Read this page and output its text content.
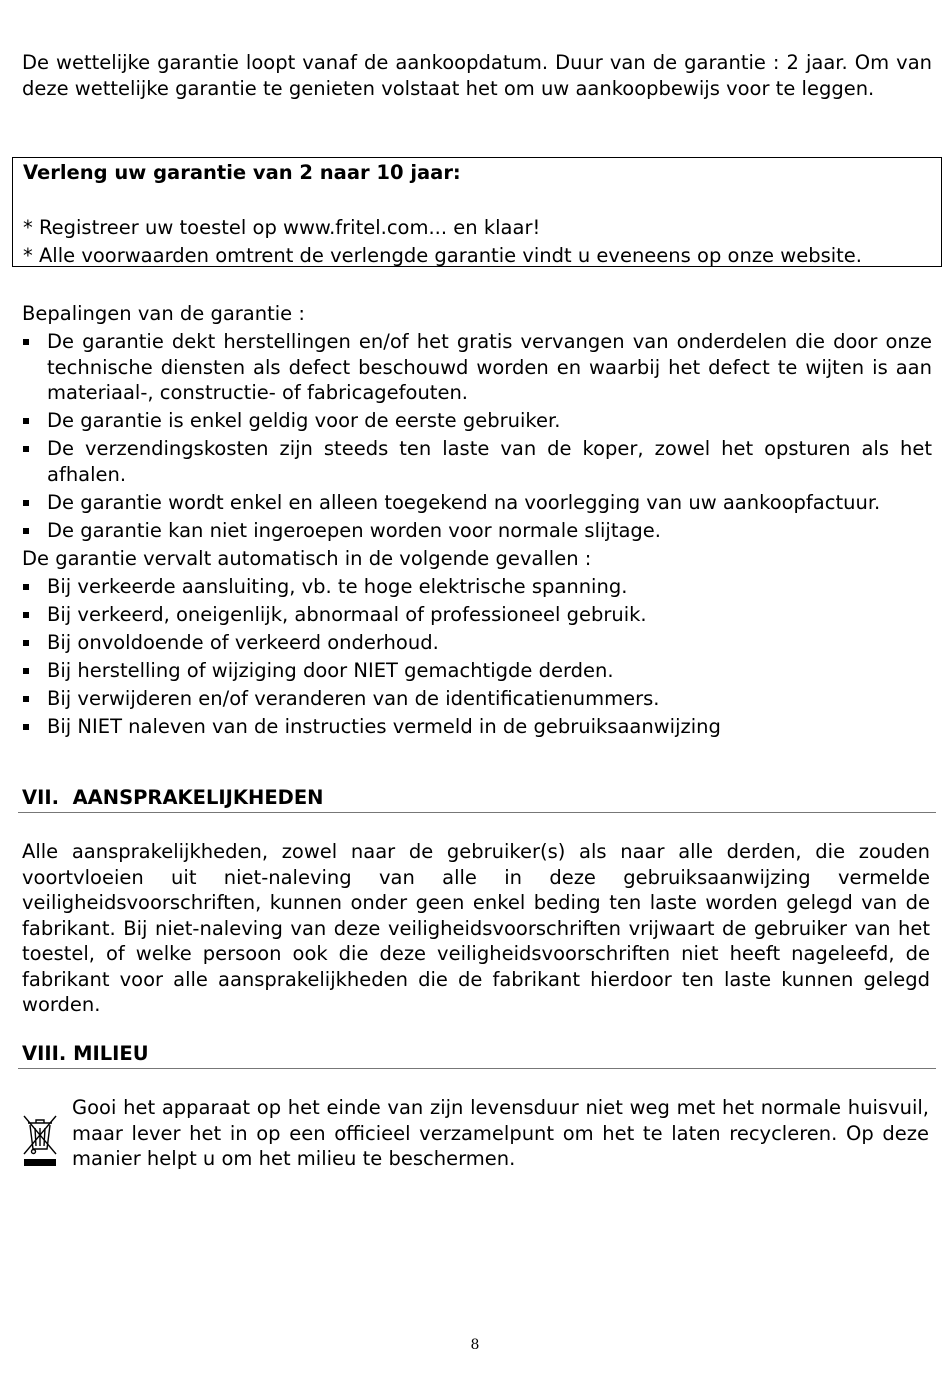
De wettelijke garantie loopt vanaf de aankoopdatum. Duur van de garantie : 2 jaar. Om van deze wettelijke garantie te genieten volstaat het om uw aankoopbewijs voor te leggen.

Verleng uw garantie van 2 naar 10 jaar:
* Registreer uw toestel op www.fritel.com... en klaar!
* Alle voorwaarden omtrent de verlengde garantie vindt u eveneens op onze website.

Bepalingen van de garantie :

De garantie dekt herstellingen en/of het gratis vervangen van onderdelen die door onze technische diensten als defect beschouwd worden en waarbij het defect te wijten is aan materiaal-, constructie- of fabricagefouten.
De garantie is enkel geldig voor de eerste gebruiker.
De verzendingskosten zijn steeds ten laste van de koper, zowel het opsturen als het afhalen.
De garantie wordt enkel en alleen toegekend na voorlegging van uw aankoopfactuur.
De garantie kan niet ingeroepen worden voor normale slijtage.

De garantie vervalt automatisch in de volgende gevallen :

Bij verkeerde aansluiting, vb. te hoge elektrische spanning.
Bij verkeerd, oneigenlijk, abnormaal of professioneel gebruik.
Bij onvoldoende of verkeerd onderhoud.
Bij herstelling of wijziging door NIET gemachtigde derden.
Bij verwijderen en/of veranderen van de identificatienummers.
Bij NIET naleven van de instructies vermeld in de gebruiksaanwijzing
VII. AANSPRAKELIJKHEDEN

Alle aansprakelijkheden, zowel naar de gebruiker(s) als naar alle derden, die zouden voortvloeien uit niet-naleving van alle in deze gebruiksaanwijzing vermelde veiligheidsvoorschriften, kunnen onder geen enkel beding ten laste worden gelegd van de fabrikant. Bij niet-naleving van deze veiligheidsvoorschriften vrijwaart de gebruiker van het toestel, of welke persoon ook die deze veiligheidsvoorschriften niet heeft nageleefd, de fabrikant voor alle aansprakelijkheden die de fabrikant hierdoor ten laste kunnen gelegd worden.

VIII. MILIEU

Gooi het apparaat op het einde van zijn levensduur niet weg met het normale huisvuil, maar lever het in op een officieel verzamelpunt om het te laten recycleren. Op deze manier helpt u om het milieu te beschermen.

8
